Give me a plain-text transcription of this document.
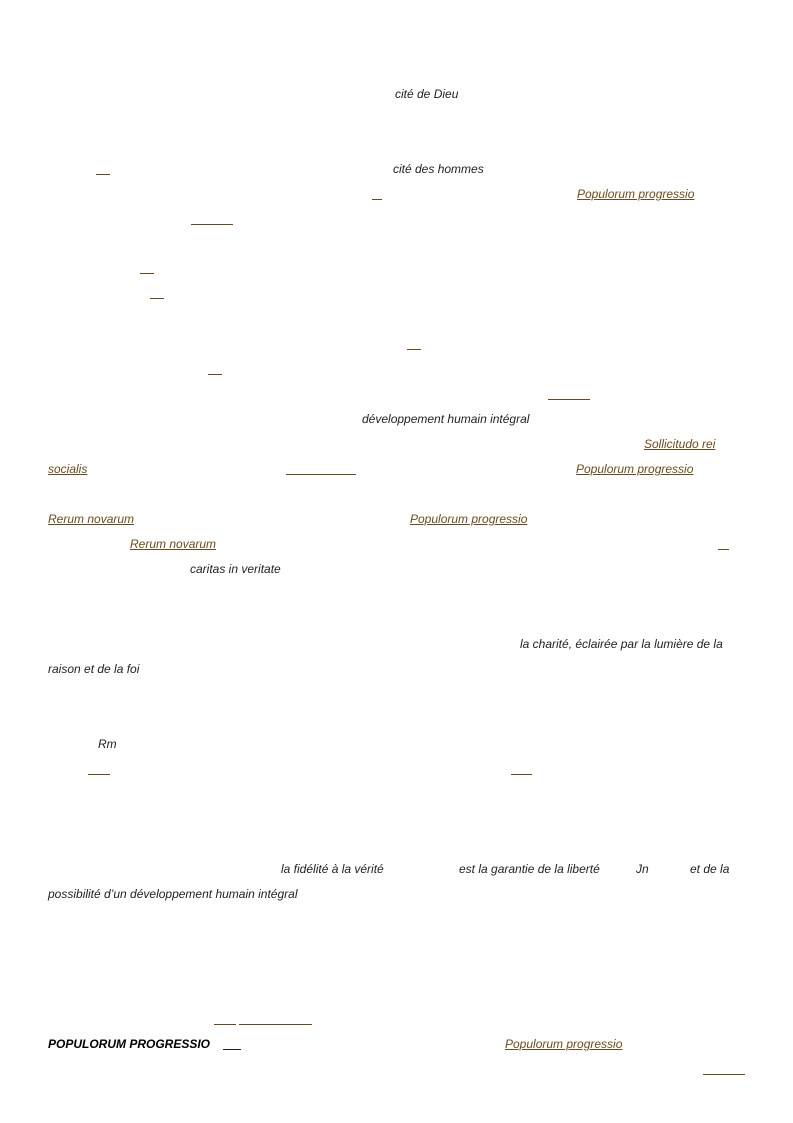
cité de Dieu
cité des hommes
Populorum progressio
développement humain intégral
Sollicitudo rei
socialis	Populorum progressio
Rerum novarum	Populorum progressio
Rerum novarum
caritas in veritate
la charité, éclairée par la lumière de la
raison et de la foi
Rm
la fidélité à la vérité	est la garantie de la liberté	Jn	et de la
possibilité d’un développement humain intégral
POPULORUM PROGRESSIO	Populorum progressio
